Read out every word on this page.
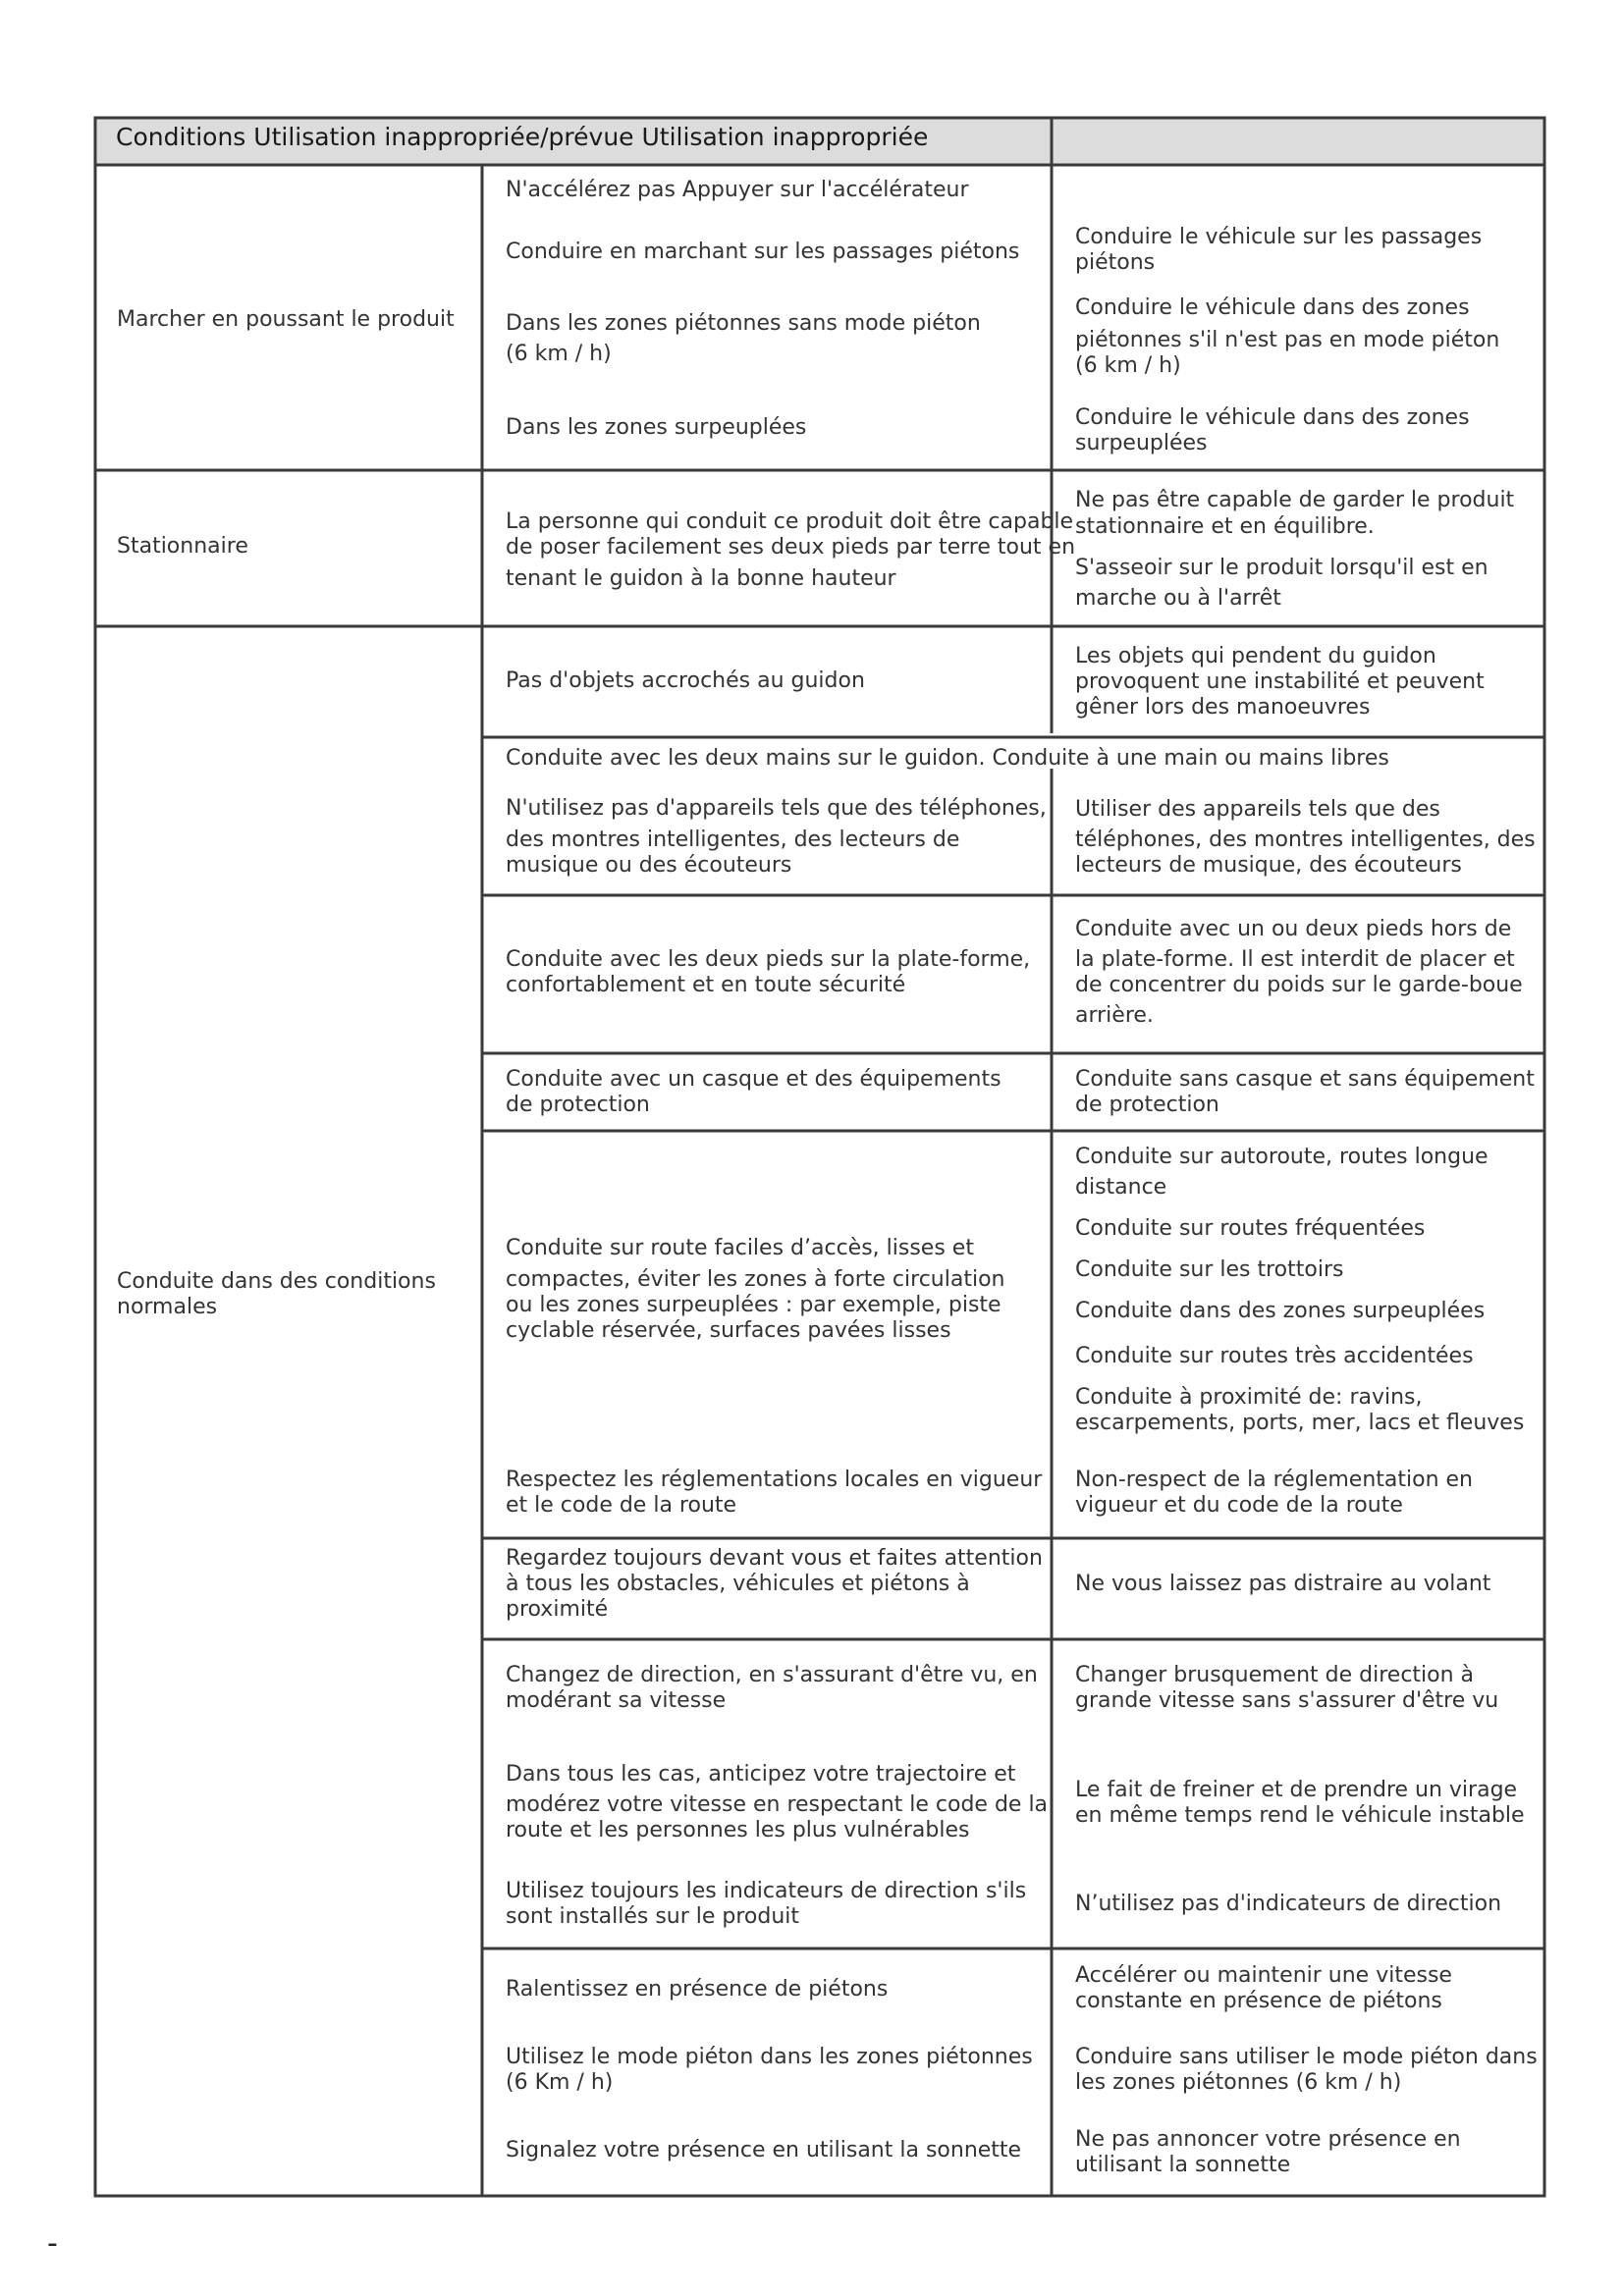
Conditions Utilisation inappropriée/prévue Utilisation inappropriée

Marcher en poussant le produit

N'accélérez pas Appuyer sur l'accélérateur

Conduire en marchant sur les passages piétons

Dans les zones piétonnes sans mode piéton

(6 km / h)

Dans les zones surpeuplées

Conduire le véhicule sur les passages

piétons

Conduire le véhicule dans des zones

piétonnes s'il n'est pas en mode piéton

(6 km / h)

Conduire le véhicule dans des zones

surpeuplées

Stationnaire

La personne qui conduit ce produit doit être capable

de poser facilement ses deux pieds par terre tout en

tenant le guidon à la bonne hauteur

Ne pas être capable de garder le produit

stationnaire et en équilibre.

S'asseoir sur le produit lorsqu'il est en

marche ou à l'arrêt

Conduite dans des conditions

normales

Pas d'objets accrochés au guidon

Les objets qui pendent du guidon

provoquent une instabilité et peuvent

gêner lors des manoeuvres

Conduite avec les deux mains sur le guidon. Conduite à une main ou mains libres

N'utilisez pas d'appareils tels que des téléphones,

des montres intelligentes, des lecteurs de

musique ou des écouteurs

Utiliser des appareils tels que des

téléphones, des montres intelligentes, des

lecteurs de musique, des écouteurs

Conduite avec les deux pieds sur la plate-forme,

confortablement et en toute sécurité

Conduite avec un ou deux pieds hors de

la plate-forme. Il est interdit de placer et

de concentrer du poids sur le garde-boue

arrière.

Conduite avec un casque et des équipements

de protection

Conduite sans casque et sans équipement

de protection

Conduite sur route faciles d’accès, lisses et

compactes, éviter les zones à forte circulation

ou les zones surpeuplées : par exemple, piste

cyclable réservée, surfaces pavées lisses

Conduite sur autoroute, routes longue

distance

Conduite sur routes fréquentées

Conduite sur les trottoirs

Conduite dans des zones surpeuplées

Conduite sur routes très accidentées

Conduite à proximité de: ravins,

escarpements, ports, mer, lacs et fleuves

Respectez les réglementations locales en vigueur

et le code de la route

Non-respect de la réglementation en

vigueur et du code de la route

Regardez toujours devant vous et faites attention

à tous les obstacles, véhicules et piétons à

proximité

Ne vous laissez pas distraire au volant

Changez de direction, en s'assurant d'être vu, en

modérant sa vitesse

Dans tous les cas, anticipez votre trajectoire et

modérez votre vitesse en respectant le code de la

route et les personnes les plus vulnérables

Utilisez toujours les indicateurs de direction s'ils

sont installés sur le produit

Changer brusquement de direction à

grande vitesse sans s'assurer d'être vu

Le fait de freiner et de prendre un virage

en même temps rend le véhicule instable

N’utilisez pas d'indicateurs de direction

Ralentissez en présence de piétons

Utilisez le mode piéton dans les zones piétonnes

(6 Km / h)

Signalez votre présence en utilisant la sonnette

Accélérer ou maintenir une vitesse

constante en présence de piétons

Conduire sans utiliser le mode piéton dans

les zones piétonnes (6 km / h)

Ne pas annoncer votre présence en

utilisant la sonnette

-
